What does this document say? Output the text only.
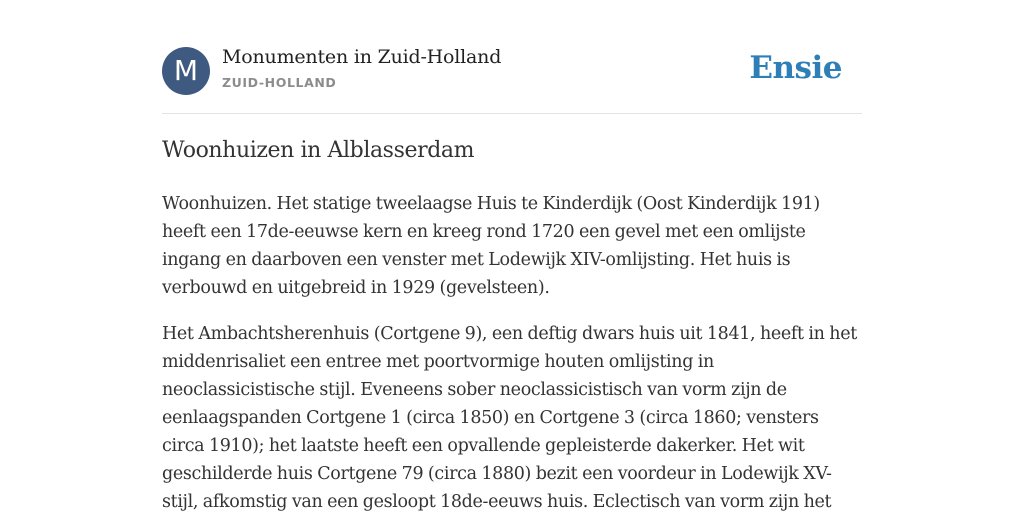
M	Monumenten in Zuid-Holland
ZUID-HOLLAND	Ensie
Woonhuizen in Alblasserdam

Woonhuizen. Het statige tweelaagse Huis te Kinderdijk (Oost Kinderdijk 191) heeft een 17de-eeuwse kern en kreeg rond 1720 een gevel met een omlijste ingang en daarboven een venster met Lodewijk XIV-omlijsting. Het huis is verbouwd en uitgebreid in 1929 (gevelsteen).

Het Ambachtsherenhuis (Cortgene 9), een deftig dwars huis uit 1841, heeft in het middenrisaliet een entree met poortvormige houten omlijsting in neoclassicistische stijl. Eveneens sober neoclassicistisch van vorm zijn de eenlaagspanden Cortgene 1 (circa 1850) en Cortgene 3 (circa 1860; vensters circa 1910); het laatste heeft een opvallende gepleisterde dakerker. Het wit geschilderde huis Cortgene 79 (circa 1880) bezit een voordeur in Lodewijk XV-stijl, afkomstig van een gesloopt 18de-eeuws huis. Eclectisch van vorm zijn het
